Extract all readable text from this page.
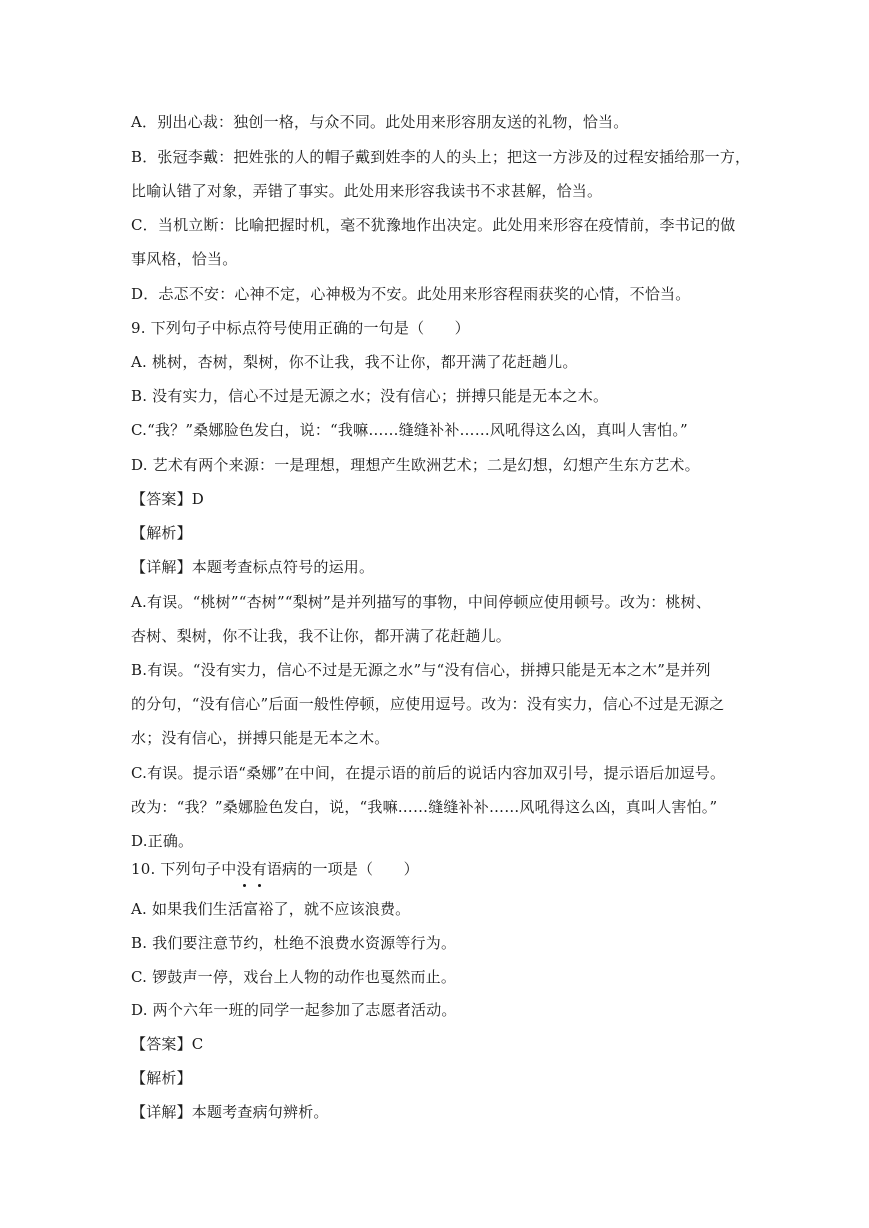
A．别出心裁：独创一格，与众不同。此处用来形容朋友送的礼物，恰当。
B．张冠李戴：把姓张的人的帽子戴到姓李的人的头上；把这一方涉及的过程安插给那一方，
比喻认错了对象，弄错了事实。此处用来形容我读书不求甚解，恰当。
C．当机立断：比喻把握时机，毫不犹豫地作出决定。此处用来形容在疫情前，李书记的做
事风格，恰当。
D．忐忑不安：心神不定，心神极为不安。此处用来形容程雨获奖的心情，不恰当。
9. 下列句子中标点符号使用正确的一句是（　　）
A. 桃树，杏树，梨树，你不让我，我不让你，都开满了花赶趟儿。
B. 没有实力，信心不过是无源之水；没有信心；拼搏只能是无本之木。
C.“我？”桑娜脸色发白，说：“我嘛……缝缝补补……风吼得这么凶，真叫人害怕。”
D. 艺术有两个来源：一是理想，理想产生欧洲艺术；二是幻想，幻想产生东方艺术。
【答案】D
【解析】
【详解】本题考查标点符号的运用。
A.有误。“桃树”“杏树”“梨树”是并列描写的事物，中间停顿应使用顿号。改为：桃树、
杏树、梨树，你不让我，我不让你，都开满了花赶趟儿。
B.有误。“没有实力，信心不过是无源之水”与“没有信心，拼搏只能是无本之木”是并列
的分句，“没有信心”后面一般性停顿，应使用逗号。改为：没有实力，信心不过是无源之
水；没有信心，拼搏只能是无本之木。
C.有误。提示语“桑娜”在中间，在提示语的前后的说话内容加双引号，提示语后加逗号。
改为：“我？”桑娜脸色发白，说，“我嘛……缝缝补补……风吼得这么凶，真叫人害怕。”
D.正确。
10. 下列句子中没有
语病的一项是（　　）
A. 如果我们生活富裕了，就不应该浪费。
B. 我们要注意节约，杜绝不浪费水资源等行为。
C. 锣鼓声一停，戏台上人物的动作也戛然而止。
D. 两个六年一班的同学一起参加了志愿者活动。
【答案】C
【解析】
【详解】本题考查病句辨析。
